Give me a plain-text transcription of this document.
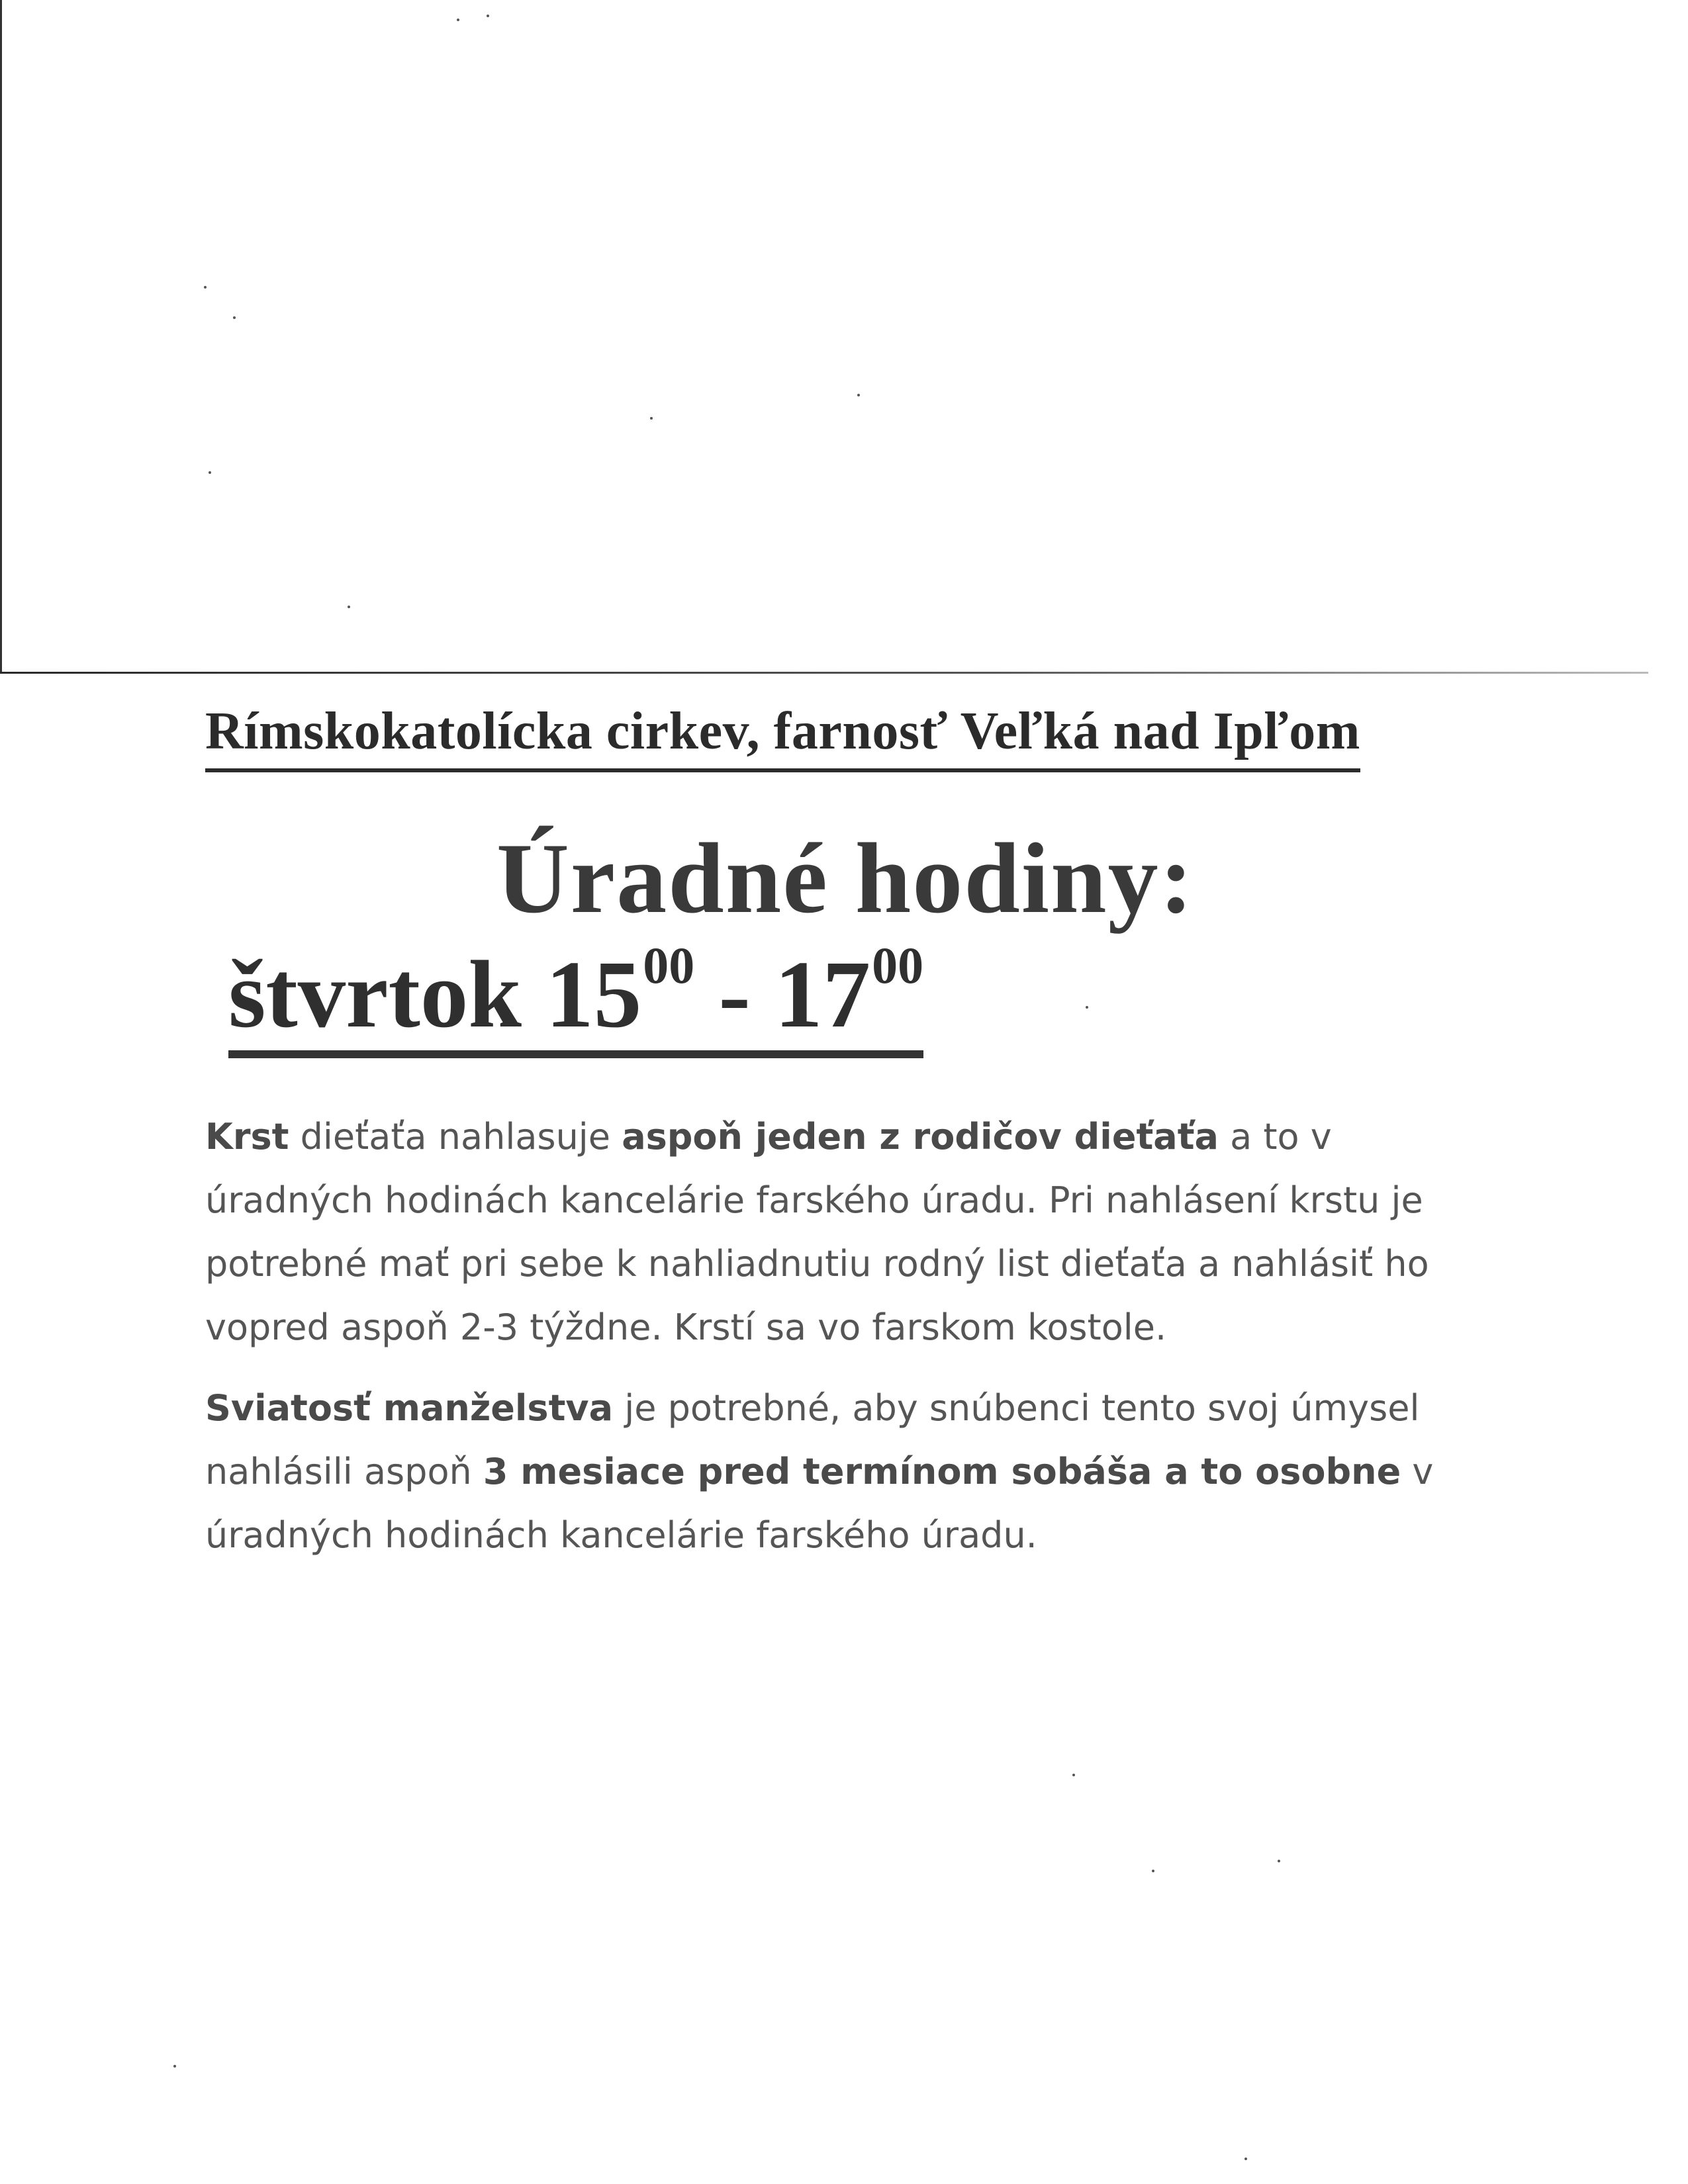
Rímskokatolícka cirkev, farnosť Veľká nad Ipľom
Úradné hodiny:
štvrtok $15^{00} - 17^{00}$
Krst dieťaťa nahlasuje aspoň jeden z rodičov dieťaťa a to v úradných hodinách kancelárie farského úradu. Pri nahlásení krstu je potrebné mať pri sebe k nahliadnutiu rodný list dieťaťa a nahlásiť ho vopred aspoň 2-3 týždne. Krstí sa vo farskom kostole.
Sviatosť manželstva je potrebné, aby snúbenci tento svoj úmysel nahlásili aspoň 3 mesiace pred termínom sobáša a to osobne v úradných hodinách kancelárie farského úradu.
